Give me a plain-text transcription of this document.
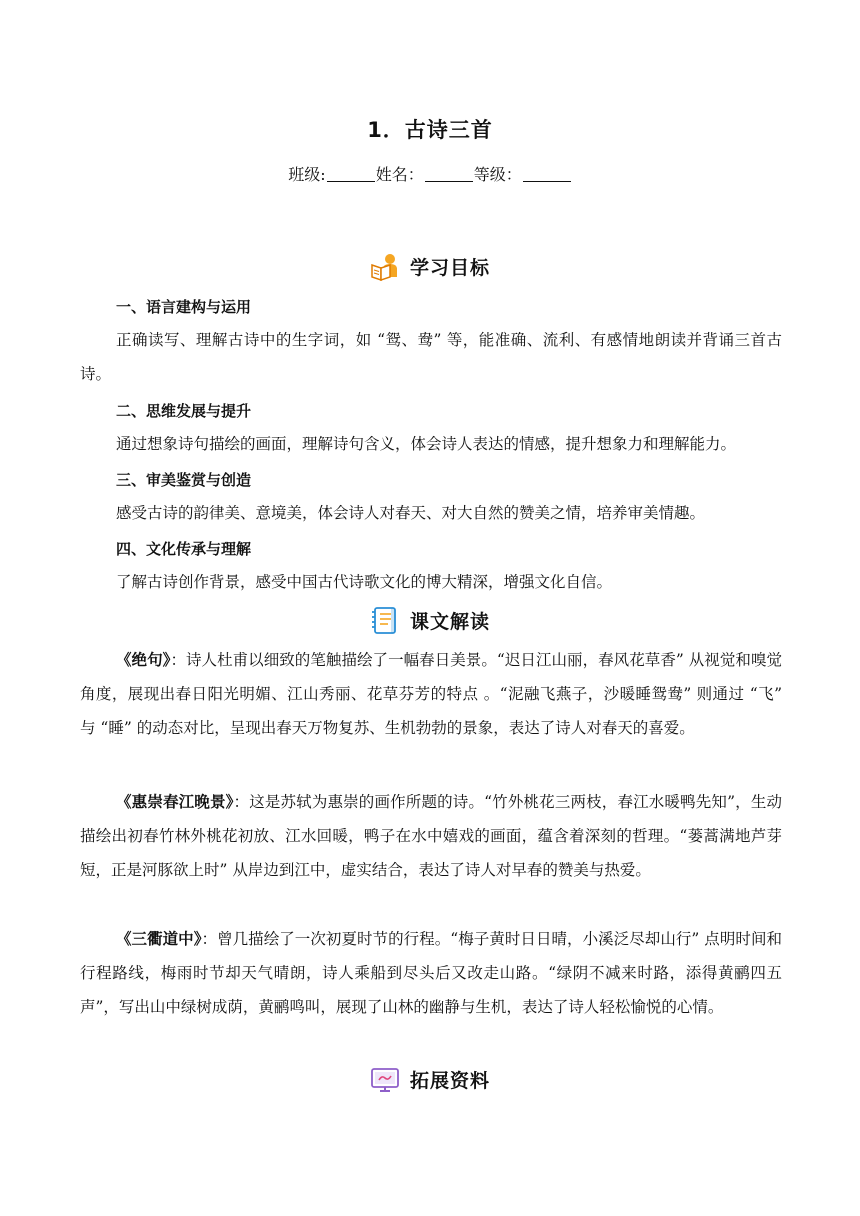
1．古诗三首
班级:	姓名：	等级：
学习目标
一、语言建构与运用

正确读写、理解古诗中的生字词，如 “鸳、鸯” 等，能准确、流利、有感情地朗读并背诵三首古诗。

二、思维发展与提升

通过想象诗句描绘的画面，理解诗句含义，体会诗人表达的情感，提升想象力和理解能力。

三、审美鉴赏与创造

感受古诗的韵律美、意境美，体会诗人对春天、对大自然的赞美之情，培养审美情趣。

四、文化传承与理解

了解古诗创作背景，感受中国古代诗歌文化的博大精深，增强文化自信。

课文解读

《绝句》：诗人杜甫以细致的笔触描绘了一幅春日美景。“迟日江山丽，春风花草香” 从视觉和嗅觉角度，展现出春日阳光明媚、江山秀丽、花草芬芳的特点 。“泥融飞燕子，沙暖睡鸳鸯” 则通过 “飞” 与 “睡” 的动态对比，呈现出春天万物复苏、生机勃勃的景象，表达了诗人对春天的喜爱。

《惠崇春江晚景》：这是苏轼为惠崇的画作所题的诗。“竹外桃花三两枝，春江水暖鸭先知”，生动描绘出初春竹林外桃花初放、江水回暖，鸭子在水中嬉戏的画面，蕴含着深刻的哲理。“蒌蒿满地芦芽短，正是河豚欲上时” 从岸边到江中，虚实结合，表达了诗人对早春的赞美与热爱。

《三衢道中》：曾几描绘了一次初夏时节的行程。“梅子黄时日日晴，小溪泛尽却山行” 点明时间和行程路线，梅雨时节却天气晴朗，诗人乘船到尽头后又改走山路。“绿阴不减来时路，添得黄鹂四五声”，写出山中绿树成荫，黄鹂鸣叫，展现了山林的幽静与生机，表达了诗人轻松愉悦的心情。

拓展资料
